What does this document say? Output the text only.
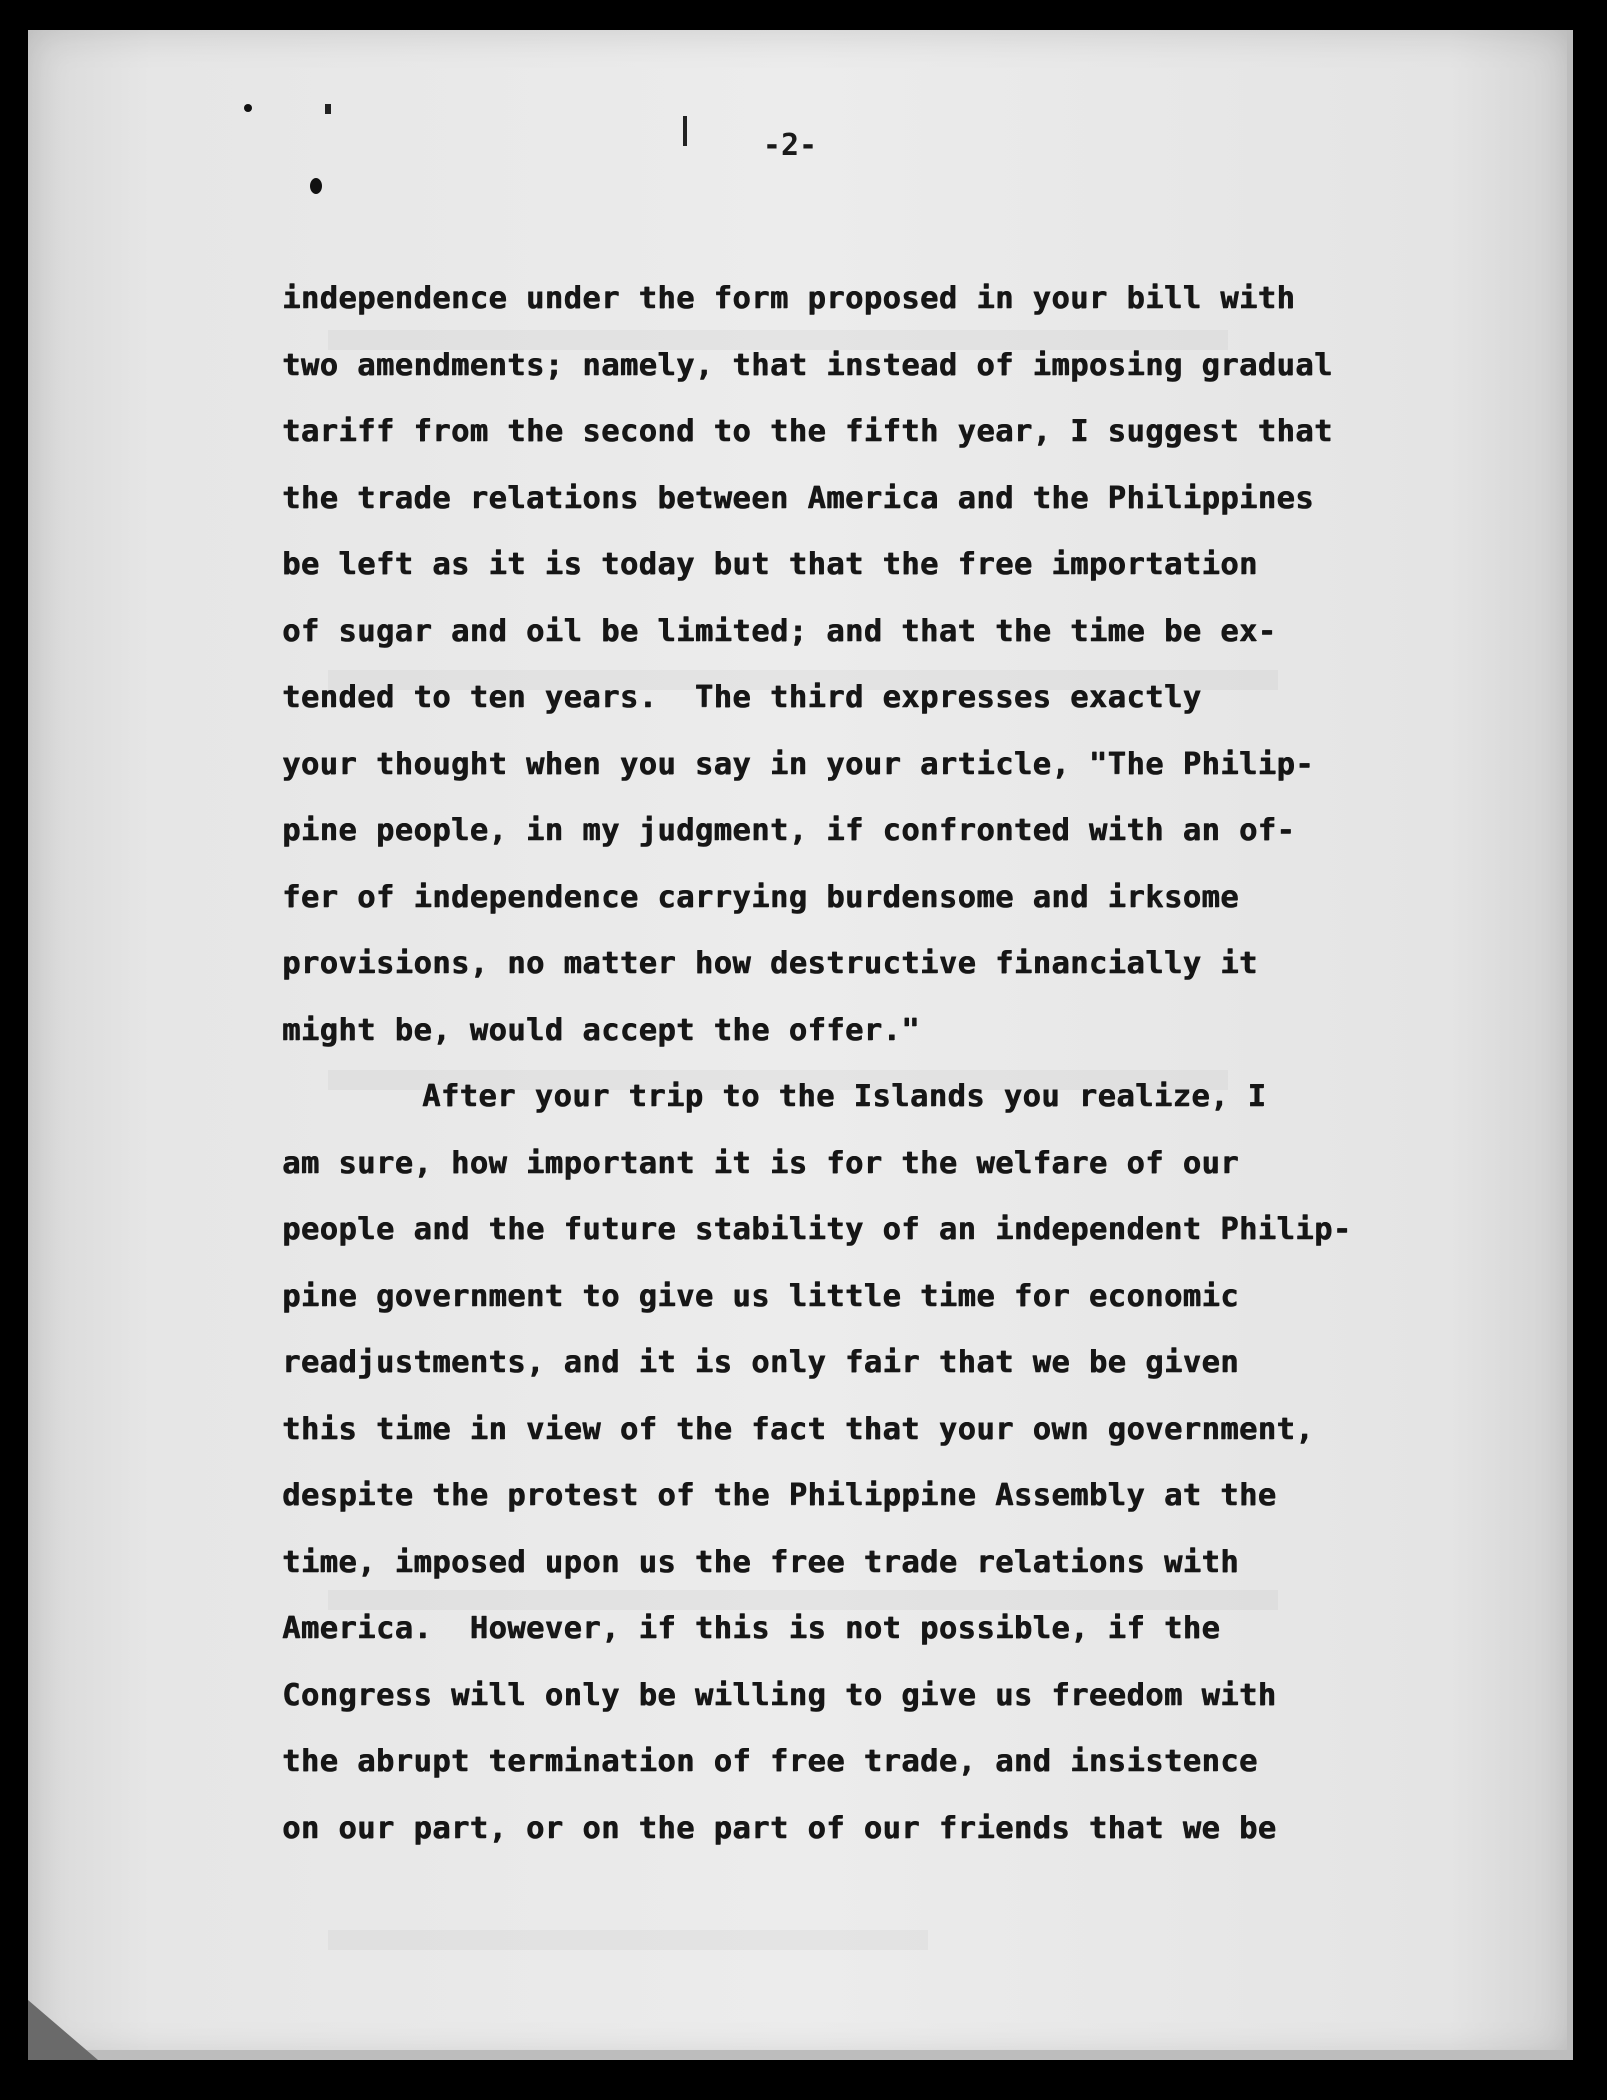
-2-
independence under the form proposed in your bill with
two amendments; namely, that instead of imposing gradual
tariff from the second to the fifth year, I suggest that
the trade relations between America and the Philippines
be left as it is today but that the free importation
of sugar and oil be limited; and that the time be ex-
tended to ten years.  The third expresses exactly
your thought when you say in your article, "The Philip-
pine people, in my judgment, if confronted with an of-
fer of independence carrying burdensome and irksome
provisions, no matter how destructive financially it
might be, would accept the offer."
After your trip to the Islands you realize, I
am sure, how important it is for the welfare of our
people and the future stability of an independent Philip-
pine government to give us little time for economic
readjustments, and it is only fair that we be given
this time in view of the fact that your own government,
despite the protest of the Philippine Assembly at the
time, imposed upon us the free trade relations with
America.  However, if this is not possible, if the
Congress will only be willing to give us freedom with
the abrupt termination of free trade, and insistence
on our part, or on the part of our friends that we be
